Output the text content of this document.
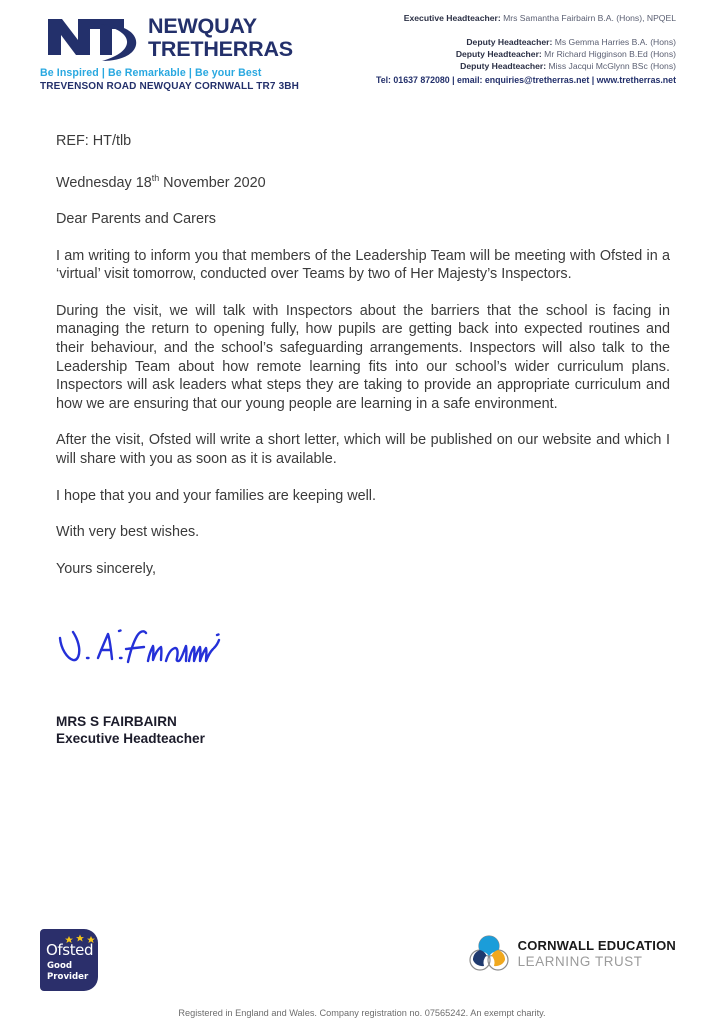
NEWQUAY
TRETHERRAS
Be Inspired | Be Remarkable | Be your Best
TREVENSON ROAD NEWQUAY CORNWALL TR7 3BH
Executive Headteacher: Mrs Samantha Fairbairn B.A. (Hons), NPQEL
Deputy Headteacher: Ms Gemma Harries B.A. (Hons)
Deputy Headteacher: Mr Richard Higginson B.Ed (Hons)
Deputy Headteacher: Miss Jacqui McGlynn BSc (Hons)
Tel: 01637 872080 | email: enquiries@tretherras.net | www.tretherras.net

REF: HT/tlb

Wednesday 18th November 2020

Dear Parents and Carers

I am writing to inform you that members of the Leadership Team will be meeting with Ofsted in a ‘virtual’ visit tomorrow, conducted over Teams by two of Her Majesty’s Inspectors.

During the visit, we will talk with Inspectors about the barriers that the school is facing in managing the return to opening fully, how pupils are getting back into expected routines and their behaviour, and the school’s safeguarding arrangements. Inspectors will also talk to the Leadership Team about how remote learning fits into our school’s wider curriculum plans. Inspectors will ask leaders what steps they are taking to provide an appropriate curriculum and how we are ensuring that our young people are learning in a safe environment.

After the visit, Ofsted will write a short letter, which will be published on our website and which I will share with you as soon as it is available.

I hope that you and your families are keeping well.

With very best wishes.

Yours sincerely,

MRS S FAIRBAIRN
Executive Headteacher
Ofsted
Good
Provider
CORNWALL EDUCATION
LEARNING TRUST
Registered in England and Wales. Company registration no. 07565242. An exempt charity.
